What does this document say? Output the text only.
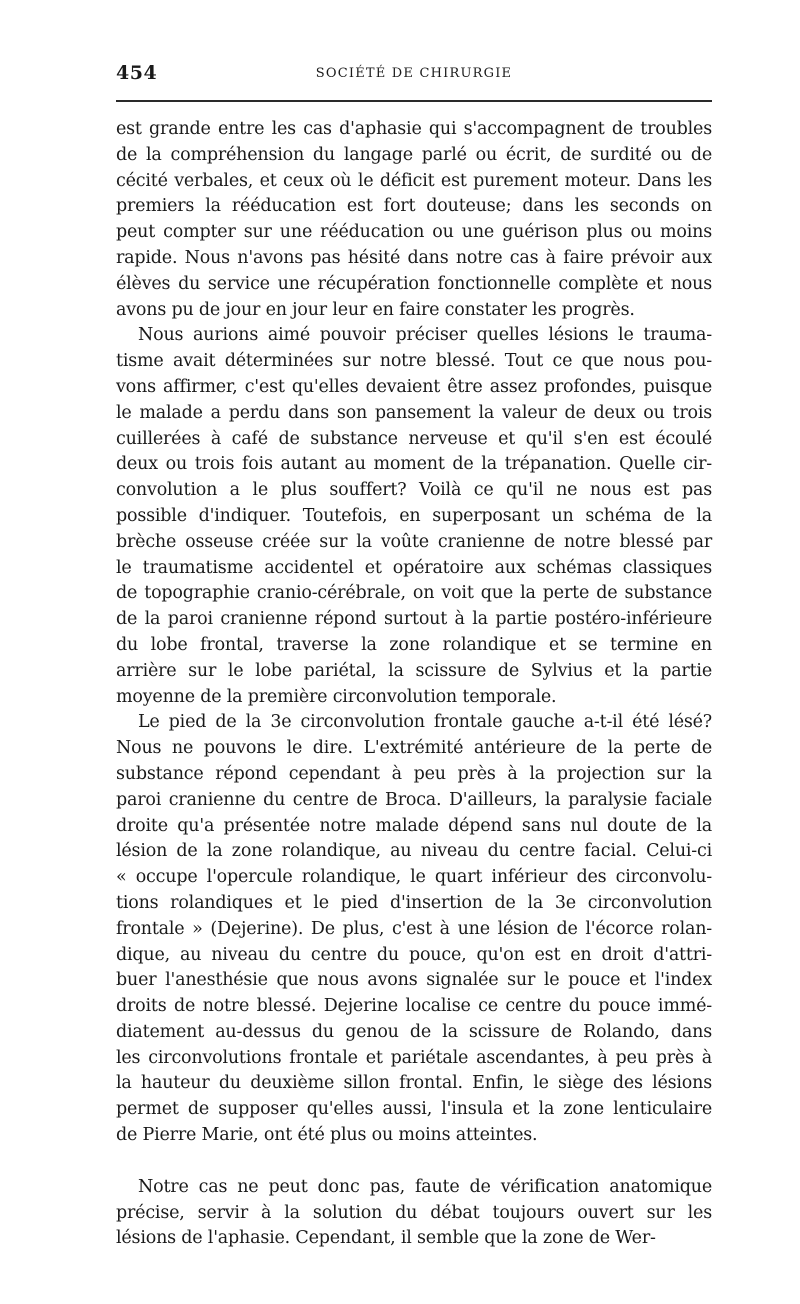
454	SOCIÉTÉ DE CHIRURGIE
est grande entre les cas d'aphasie qui s'accompagnent de troubles
de la compréhension du langage parlé ou écrit, de surdité ou de
cécité verbales, et ceux où le déficit est purement moteur. Dans les
premiers la rééducation est fort douteuse; dans les seconds on
peut compter sur une rééducation ou une guérison plus ou moins
rapide. Nous n'avons pas hésité dans notre cas à faire prévoir aux
élèves du service une récupération fonctionnelle complète et nous
avons pu de jour en jour leur en faire constater les progrès.
Nous aurions aimé pouvoir préciser quelles lésions le trauma-
tisme avait déterminées sur notre blessé. Tout ce que nous pou-
vons affirmer, c'est qu'elles devaient être assez profondes, puisque
le malade a perdu dans son pansement la valeur de deux ou trois
cuillerées à café de substance nerveuse et qu'il s'en est écoulé
deux ou trois fois autant au moment de la trépanation. Quelle cir-
convolution a le plus souffert? Voilà ce qu'il ne nous est pas
possible d'indiquer. Toutefois, en superposant un schéma de la
brèche osseuse créée sur la voûte cranienne de notre blessé par
le traumatisme accidentel et opératoire aux schémas classiques
de topographie cranio-cérébrale, on voit que la perte de substance
de la paroi cranienne répond surtout à la partie postéro-inférieure
du lobe frontal, traverse la zone rolandique et se termine en
arrière sur le lobe pariétal, la scissure de Sylvius et la partie
moyenne de la première circonvolution temporale.
Le pied de la 3e circonvolution frontale gauche a-t-il été lésé?
Nous ne pouvons le dire. L'extrémité antérieure de la perte de
substance répond cependant à peu près à la projection sur la
paroi cranienne du centre de Broca. D'ailleurs, la paralysie faciale
droite qu'a présentée notre malade dépend sans nul doute de la
lésion de la zone rolandique, au niveau du centre facial. Celui-ci
« occupe l'opercule rolandique, le quart inférieur des circonvolu-
tions rolandiques et le pied d'insertion de la 3e circonvolution
frontale » (Dejerine). De plus, c'est à une lésion de l'écorce rolan-
dique, au niveau du centre du pouce, qu'on est en droit d'attri-
buer l'anesthésie que nous avons signalée sur le pouce et l'index
droits de notre blessé. Dejerine localise ce centre du pouce immé-
diatement au-dessus du genou de la scissure de Rolando, dans
les circonvolutions frontale et pariétale ascendantes, à peu près à
la hauteur du deuxième sillon frontal. Enfin, le siège des lésions
permet de supposer qu'elles aussi, l'insula et la zone lenticulaire
de Pierre Marie, ont été plus ou moins atteintes.
Notre cas ne peut donc pas, faute de vérification anatomique
précise, servir à la solution du débat toujours ouvert sur les
lésions de l'aphasie. Cependant, il semble que la zone de Wer-
